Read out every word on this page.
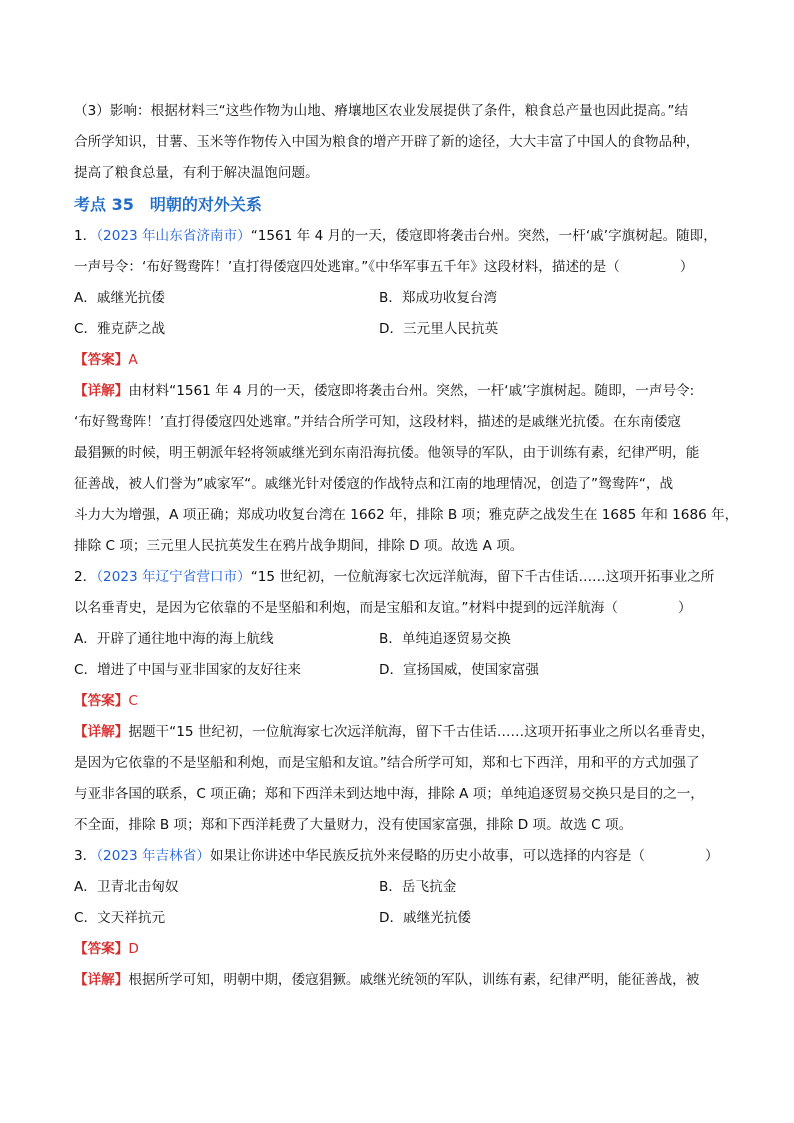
（3）影响：根据材料三“这些作物为山地、瘠壤地区农业发展提供了条件，粮食总产量也因此提高。”结
合所学知识，甘薯、玉米等作物传入中国为粮食的增产开辟了新的途径，大大丰富了中国人的食物品种，
提高了粮食总量，有利于解决温饱问题。
考点 35　明朝的对外关系
1．（2023 年山东省济南市）“1561 年 4 月的一天，倭寇即将袭击台州。突然，一杆‘戚’字旗树起。随即，
一声号令：‘布好鸳鸯阵！’直打得倭寇四处逃窜。”《中华军事五千年》这段材料，描述的是（	）
A．戚继光抗倭	B．郑成功收复台湾
C．雅克萨之战	D．三元里人民抗英
【答案】A
【详解】由材料“1561 年 4 月的一天，倭寇即将袭击台州。突然，一杆‘戚’字旗树起。随即，一声号令:
‘布好鸳鸯阵！’直打得倭寇四处逃窜。”并结合所学可知，这段材料，描述的是戚继光抗倭。在东南倭寇
最猖獗的时候，明王朝派年轻将领戚继光到东南沿海抗倭。他领导的军队，由于训练有素，纪律严明，能
征善战，被人们誉为”戚家军“。戚继光针对倭寇的作战特点和江南的地理情况，创造了”鸳鸯阵“，战
斗力大为增强，A 项正确；郑成功收复台湾在 1662 年，排除 B 项；雅克萨之战发生在 1685 年和 1686 年，
排除 C 项；三元里人民抗英发生在鸦片战争期间，排除 D 项。故选 A 项。
2．（2023 年辽宁省营口市）“15 世纪初，一位航海家七次远洋航海，留下千古佳话……这项开拓事业之所
以名垂青史，是因为它依靠的不是坚船和利炮，而是宝船和友谊。”材料中提到的远洋航海（	）
A．开辟了通往地中海的海上航线	B．单纯追逐贸易交换
C．增进了中国与亚非国家的友好往来	D．宣扬国威，使国家富强
【答案】C
【详解】据题干“15 世纪初，一位航海家七次远洋航海，留下千古佳话……这项开拓事业之所以名垂青史，
是因为它依靠的不是坚船和利炮，而是宝船和友谊。”结合所学可知，郑和七下西洋，用和平的方式加强了
与亚非各国的联系，C 项正确；郑和下西洋未到达地中海，排除 A 项；单纯追逐贸易交换只是目的之一，
不全面，排除 B 项；郑和下西洋耗费了大量财力，没有使国家富强，排除 D 项。故选 C 项。
3．（2023 年吉林省）如果让你讲述中华民族反抗外来侵略的历史小故事，可以选择的内容是（	）
A．卫青北击匈奴	B．岳飞抗金
C．文天祥抗元	D．戚继光抗倭
【答案】D
【详解】根据所学可知，明朝中期，倭寇猖獗。戚继光统领的军队，训练有素，纪律严明，能征善战，被
